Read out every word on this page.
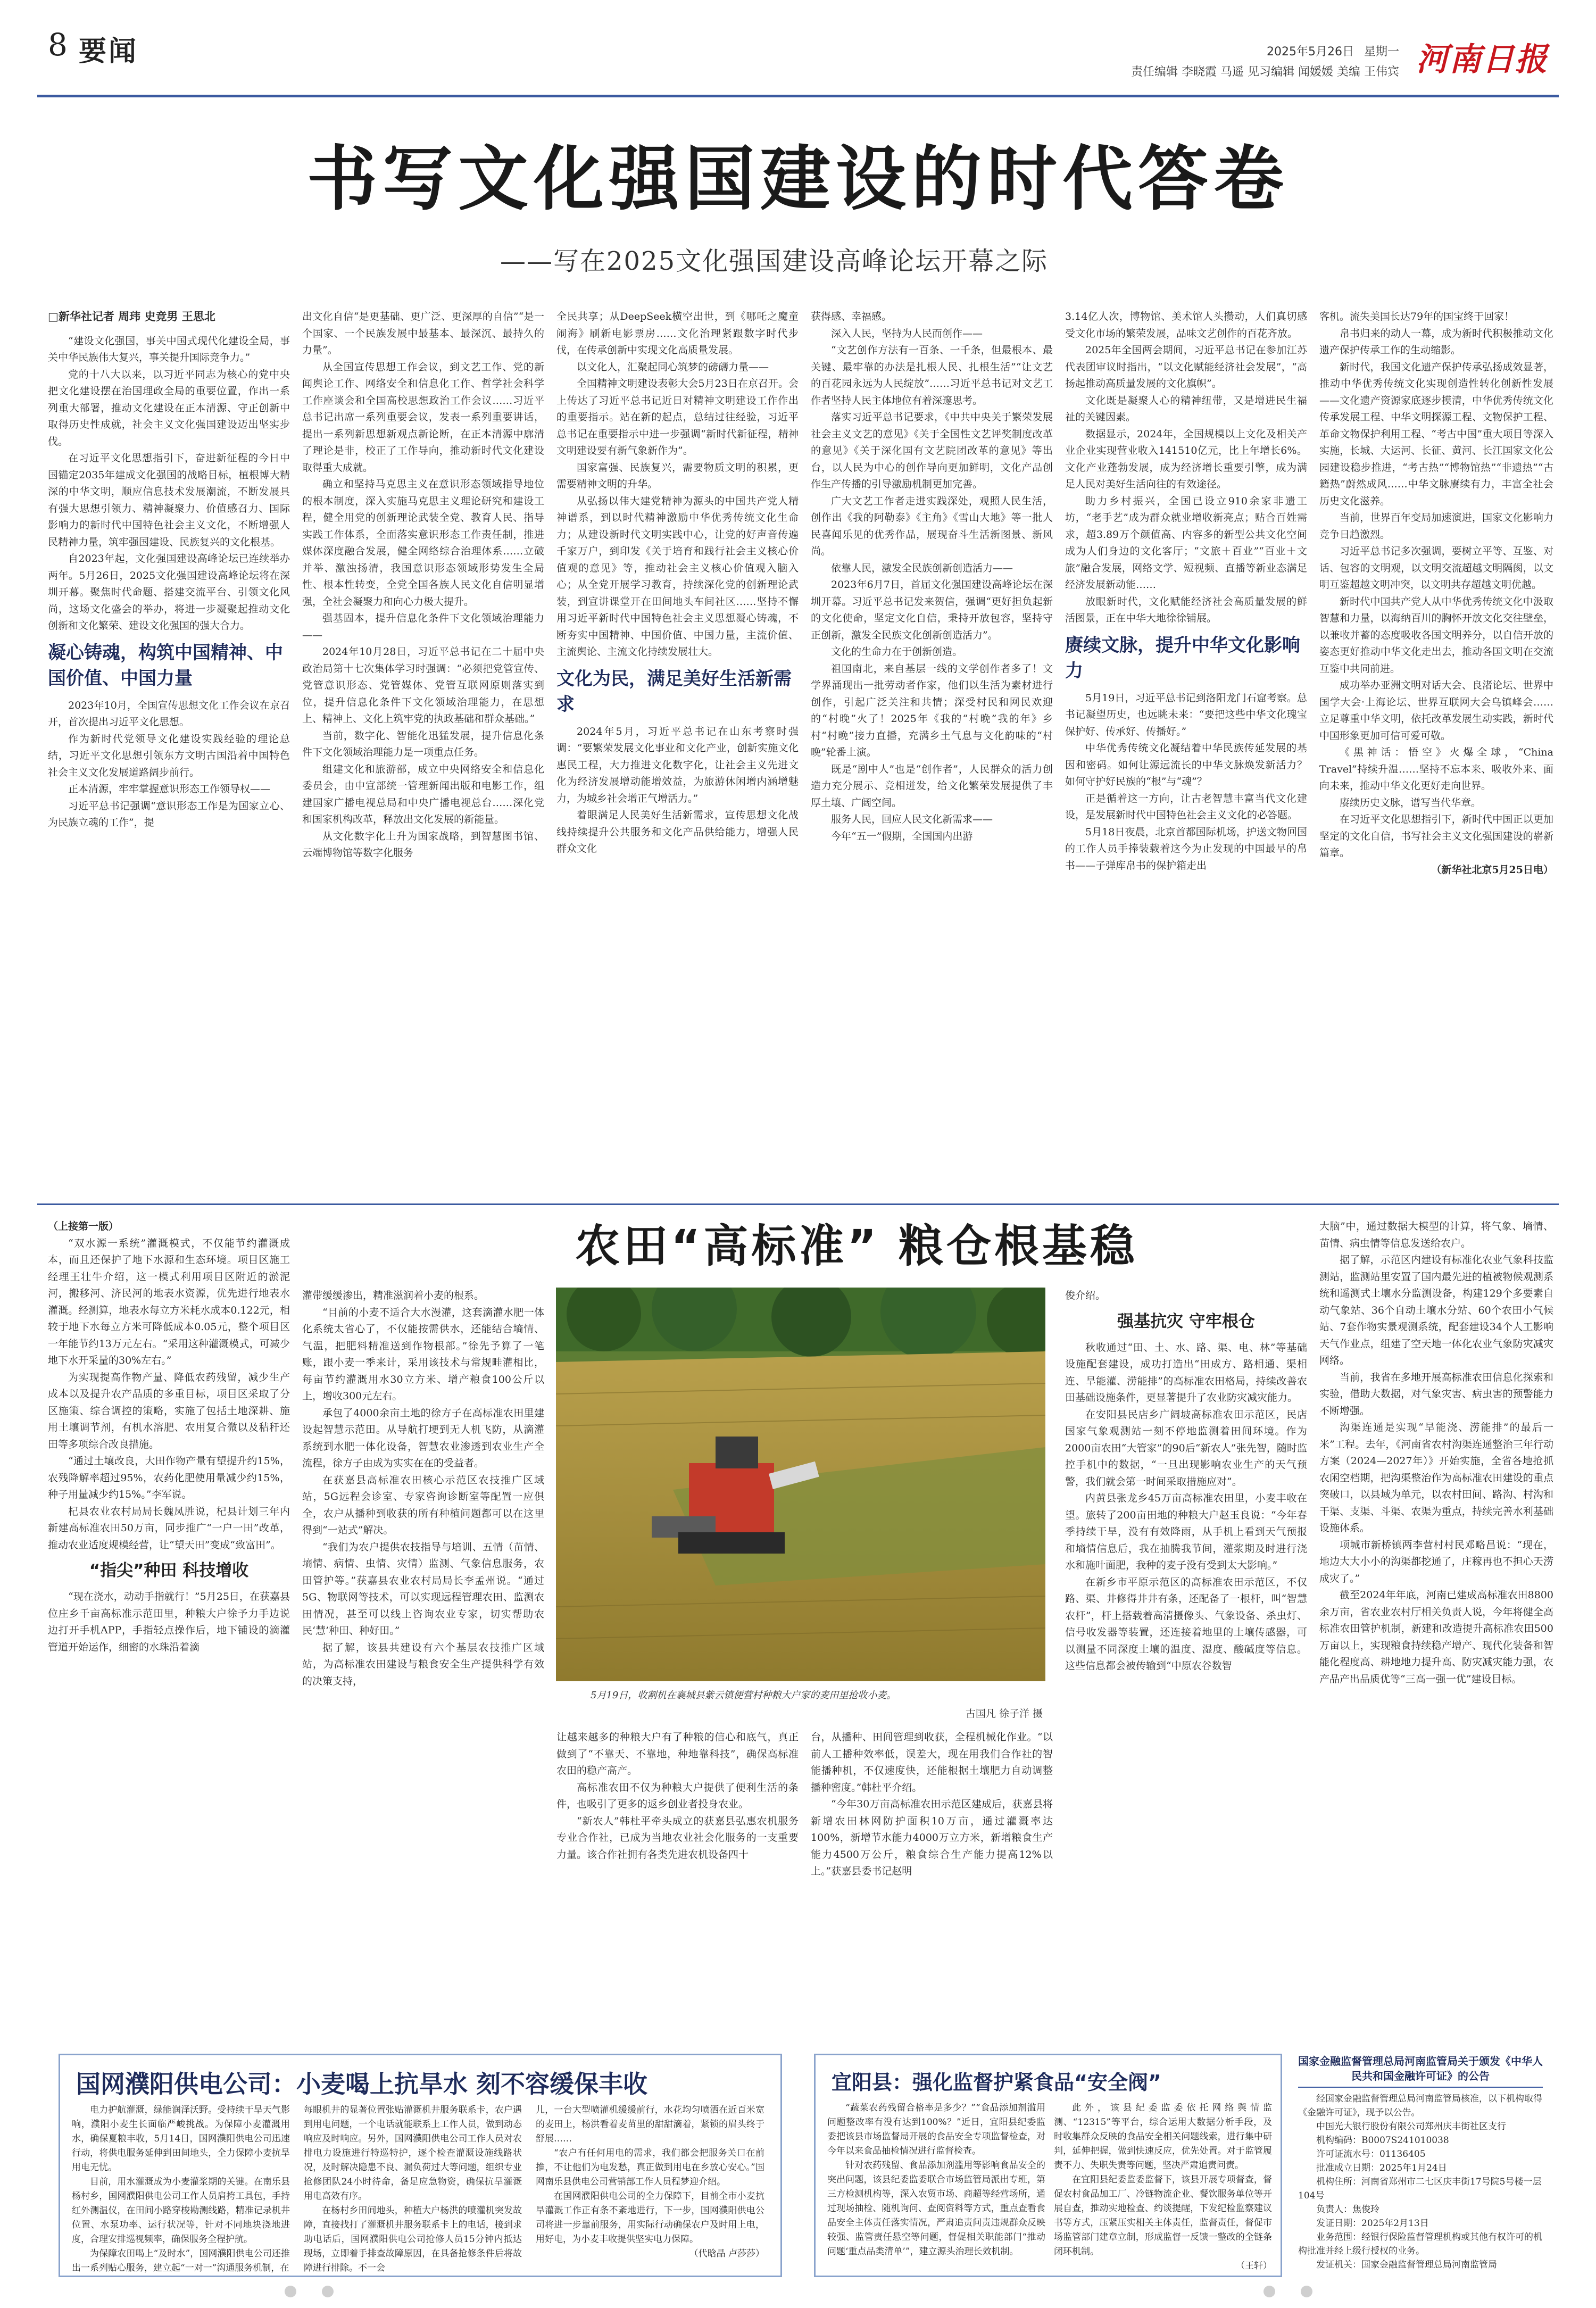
8 要闻	2025年5月26日 星期一
责任编辑 李晓霞 马遥 见习编辑 闻媛媛 美编 王伟宾 河南日报
书写文化强国建设的时代答卷
——写在2025文化强国建设高峰论坛开幕之际
□新华社记者 周玮 史竞男 王思北

“建设文化强国，事关中国式现代化建设全局，事关中华民族伟大复兴，事关提升国际竞争力。”

党的十八大以来，以习近平同志为核心的党中央把文化建设摆在治国理政全局的重要位置，作出一系列重大部署，推动文化建设在正本清源、守正创新中取得历史性成就，社会主义文化强国建设迈出坚实步伐。

在习近平文化思想指引下，奋进新征程的今日中国锚定2035年建成文化强国的战略目标，植根博大精深的中华文明，顺应信息技术发展潮流，不断发展具有强大思想引领力、精神凝聚力、价值感召力、国际影响力的新时代中国特色社会主义文化，不断增强人民精神力量，筑牢强国建设、民族复兴的文化根基。

自2023年起，文化强国建设高峰论坛已连续举办两年。5月26日，2025文化强国建设高峰论坛将在深圳开幕。聚焦时代命题、搭建交流平台、引领文化风尚，这场文化盛会的举办，将进一步凝聚起推动文化创新和文化繁荣、建设文化强国的强大合力。

凝心铸魂，构筑中国精神、中国价值、中国力量

2023年10月，全国宣传思想文化工作会议在京召开，首次提出习近平文化思想。

作为新时代党领导文化建设实践经验的理论总结，习近平文化思想引领东方文明古国沿着中国特色社会主义文化发展道路阔步前行。

正本清源，牢牢掌握意识形态工作领导权——

习近平总书记强调“意识形态工作是为国家立心、为民族立魂的工作”，提

出文化自信“是更基础、更广泛、更深厚的自信”“是一个国家、一个民族发展中最基本、最深沉、最持久的力量”。

从全国宣传思想工作会议，到文艺工作、党的新闻舆论工作、网络安全和信息化工作、哲学社会科学工作座谈会和全国高校思想政治工作会议……习近平总书记出席一系列重要会议，发表一系列重要讲话，提出一系列新思想新观点新论断，在正本清源中廓清了理论是非，校正了工作导向，推动新时代文化建设取得重大成就。

确立和坚持马克思主义在意识形态领域指导地位的根本制度，深入实施马克思主义理论研究和建设工程，健全用党的创新理论武装全党、教育人民、指导实践工作体系，全面落实意识形态工作责任制，推进媒体深度融合发展，健全网络综合治理体系……立破并举、激浊扬清，我国意识形态领域形势发生全局性、根本性转变，全党全国各族人民文化自信明显增强，全社会凝聚力和向心力极大提升。

强基固本，提升信息化条件下文化领域治理能力——

2024年10月28日，习近平总书记在二十届中央政治局第十七次集体学习时强调：“必须把党管宣传、党管意识形态、党管媒体、党管互联网原则落实到位，提升信息化条件下文化领域治理能力，在思想上、精神上、文化上筑牢党的执政基础和群众基础。”

当前，数字化、智能化迅猛发展，提升信息化条件下文化领域治理能力是一项重点任务。

组建文化和旅游部，成立中央网络安全和信息化委员会，由中宣部统一管理新闻出版和电影工作，组建国家广播电视总局和中央广播电视总台……深化党和国家机构改革，释放出文化发展的新能量。

从文化数字化上升为国家战略，到智慧图书馆、云端博物馆等数字化服务

全民共享；从DeepSeek横空出世，到《哪吒之魔童闹海》刷新电影票房……文化治理紧跟数字时代步伐，在传承创新中实现文化高质量发展。

以文化人，汇聚起同心筑梦的磅礴力量——

全国精神文明建设表彰大会5月23日在京召开。会上传达了习近平总书记近日对精神文明建设工作作出的重要指示。站在新的起点，总结过往经验，习近平总书记在重要指示中进一步强调“新时代新征程，精神文明建设要有新气象新作为”。

国家富强、民族复兴，需要物质文明的积累，更需要精神文明的升华。

从弘扬以伟大建党精神为源头的中国共产党人精神谱系，到以时代精神激励中华优秀传统文化生命力；从建设新时代文明实践中心，让党的好声音传遍千家万户，到印发《关于培育和践行社会主义核心价值观的意见》等，推动社会主义核心价值观入脑入心；从全党开展学习教育，持续深化党的创新理论武装，到宣讲课堂开在田间地头车间社区……坚持不懈用习近平新时代中国特色社会主义思想凝心铸魂，不断夯实中国精神、中国价值、中国力量，主流价值、主流舆论、主流文化持续发展壮大。

文化为民，满足美好生活新需求

2024年5月，习近平总书记在山东考察时强调：“要繁荣发展文化事业和文化产业，创新实施文化惠民工程，大力推进文化数字化，让社会主义先进文化为经济发展增动能增效益，为旅游休闲增内涵增魅力，为城乡社会增正气增活力。”

着眼满足人民美好生活新需求，宣传思想文化战线持续提升公共服务和文化产品供给能力，增强人民群众文化

获得感、幸福感。

深入人民，坚持为人民而创作——

“文艺创作方法有一百条、一千条，但最根本、最关键、最牢靠的办法是扎根人民、扎根生活”“让文艺的百花园永远为人民绽放”……习近平总书记对文艺工作者坚持人民主体地位有着深邃思考。

落实习近平总书记要求，《中共中央关于繁荣发展社会主义文艺的意见》《关于全国性文艺评奖制度改革的意见》《关于深化国有文艺院团改革的意见》等出台，以人民为中心的创作导向更加鲜明，文化产品创作生产传播的引导激励机制更加完善。

广大文艺工作者走进实践深处，观照人民生活，创作出《我的阿勒泰》《主角》《雪山大地》等一批人民喜闻乐见的优秀作品，展现奋斗生活新图景、新风尚。

依靠人民，激发全民族创新创造活力——

2023年6月7日，首届文化强国建设高峰论坛在深圳开幕。习近平总书记发来贺信，强调“更好担负起新的文化使命，坚定文化自信，秉持开放包容，坚持守正创新，激发全民族文化创新创造活力”。

文化的生命力在于创新创造。

祖国南北，来自基层一线的文学创作者多了！文学界涌现出一批劳动者作家，他们以生活为素材进行创作，引起广泛关注和共情；深受村民和网民欢迎的“村晚”火了！2025年《我的“村晚”我的年》乡村“村晚”接力直播，充满乡土气息与文化韵味的“村晚”轮番上演。

既是“剧中人”也是“创作者”，人民群众的活力创造力充分展示、竞相迸发，给文化繁荣发展提供了丰厚土壤、广阔空间。

服务人民，回应人民文化新需求——

今年“五一”假期，全国国内出游

3.14亿人次，博物馆、美术馆人头攒动，人们真切感受文化市场的繁荣发展，品味文艺创作的百花齐放。

2025年全国两会期间，习近平总书记在参加江苏代表团审议时指出，“以文化赋能经济社会发展”，“高扬起推动高质量发展的文化旗帜”。

文化既是凝聚人心的精神纽带，又是增进民生福祉的关键因素。

数据显示，2024年，全国规模以上文化及相关产业企业实现营业收入141510亿元，比上年增长6%。文化产业蓬勃发展，成为经济增长重要引擎，成为满足人民对美好生活向往的有效途径。

助力乡村振兴，全国已设立910余家非遗工坊，“老手艺”成为群众就业增收新亮点；贴合百姓需求，超3.89万个颜值高、内容多的新型公共文化空间成为人们身边的文化客厅；“文旅＋百业”“百业＋文旅”融合发展，网络文学、短视频、直播等新业态满足经济发展新动能……

放眼新时代，文化赋能经济社会高质量发展的鲜活图景，正在中华大地徐徐铺展。

赓续文脉，提升中华文化影响力

5月19日，习近平总书记到洛阳龙门石窟考察。总书记凝望历史，也远眺未来：“要把这些中华文化瑰宝保护好、传承好、传播好。”

中华优秀传统文化凝结着中华民族传延发展的基因和密码。如何让源远流长的中华文脉焕发新活力？如何守护好民族的“根”与“魂”？

正是循着这一方向，让古老智慧丰富当代文化建设，是发展新时代中国特色社会主义文化的必答题。

5月18日夜晨，北京首都国际机场，护送文物回国的工作人员手捧装载着这今为止发现的中国最早的帛书——子弹库帛书的保护箱走出

客机。流失美国长达79年的国宝终于回家！

帛书归来的动人一幕，成为新时代积极推动文化遗产保护传承工作的生动缩影。

新时代，我国文化遗产保护传承弘扬成效显著，推动中华优秀传统文化实现创造性转化创新性发展——文化遗产资源家底逐步摸清，中华优秀传统文化传承发展工程、中华文明探源工程、文物保护工程、革命文物保护利用工程、“考古中国”重大项目等深入实施，长城、大运河、长征、黄河、长江国家文化公园建设稳步推进，“考古热”“博物馆热”“非遗热”“古籍热”蔚然成风……中华文脉赓续有力，丰富全社会历史文化滋养。

当前，世界百年变局加速演进，国家文化影响力竞争日趋激烈。

习近平总书记多次强调，要树立平等、互鉴、对话、包容的文明观，以文明交流超越文明隔阂，以文明互鉴超越文明冲突，以文明共存超越文明优越。

新时代中国共产党人从中华优秀传统文化中汲取智慧和力量，以海纳百川的胸怀开放文化交往壁垒，以兼收并蓄的态度吸收各国文明养分，以自信开放的姿态更好推动中华文化走出去，推动各国文明在交流互鉴中共同前进。

成功举办亚洲文明对话大会、良渚论坛、世界中国学大会·上海论坛、世界互联网大会乌镇峰会……立足尊重中华文明，依托改革发展生动实践，新时代中国形象更加可信可爱可敬。

《黑神话：悟空》火爆全球，“China Travel”持续升温……坚持不忘本来、吸收外来、面向未来，推动中华文化更好走向世界。

赓续历史文脉，谱写当代华章。

在习近平文化思想指引下，新时代中国正以更加坚定的文化自信，书写社会主义文化强国建设的崭新篇章。

（新华社北京5月25日电）
农田“高标准” 粮仓根基稳
（上接第一版）

“双水源一系统”灌溉模式，不仅能节约灌溉成本，而且还保护了地下水源和生态环境。项目区施工经理王壮牛介绍，这一模式利用项目区附近的淤泥河，搬移河、济民河的地表水资源，优先进行地表水灌溉。经测算，地表水每立方米耗水成本0.122元，相较于地下水每立方米可降低成本0.05元，整个项目区一年能节约13万元左右。“采用这种灌溉模式，可减少地下水开采量的30%左右。”

为实现提高作物产量、降低农药残留，减少生产成本以及提升农产品质的多重目标，项目区采取了分区施策、综合调控的策略，实施了包括土地深耕、施用土壤调节剂，有机水溶肥、农用复合微以及秸秆还田等多项综合改良措施。

“通过土壤改良，大田作物产量有望提升约15%，农残降解率超过95%，农药化肥使用量减少约15%，种子用量减少约15%。”李军说。

杞县农业农村局局长魏凤胜说，杞县计划三年内新建高标准农田50万亩，同步推广“一户一田”改革，推动农业适度规模经营，让“望天田”变成“致富田”。

“指尖”种田 科技增收

“现在浇水，动动手指就行！”5月25日，在获嘉县位庄乡千亩高标准示范田里，种粮大户徐予力手边说边打开手机APP，手指轻点操作后，地下铺设的滴灌管道开始运作，细密的水珠沿着滴

5月19日，收割机在襄城县紫云镇便营村种粮大户家的麦田里抢收小麦。
古国凡 徐子洋 摄

灌带缓缓渗出，精准滋润着小麦的根系。

“目前的小麦不适合大水漫灌，这套滴灌水肥一体化系统太省心了，不仅能按需供水，还能结合墒情、气温，把肥料精准送到作物根部。”徐先予算了一笔账，跟小麦一季来计，采用该技术与常规畦灌相比，每亩节约灌溉用水30立方米、增产粮食100公斤以上，增收300元左右。

承包了4000余亩土地的徐方子在高标准农田里建设起智慧示范田。从导航打埂到无人机飞防，从滴灌系统到水肥一体化设备，智慧农业渗透到农业生产全流程，徐方子由成为实实在在的受益者。

在获嘉县高标准农田核心示范区农技推广区域站，5G远程会诊室、专家咨询诊断室等配置一应俱全，农户从播种到收获的所有种植问题都可以在这里得到“一站式”解决。

“我们为农户提供农技指导与培训、五情（苗情、墒情、病情、虫情、灾情）监测、气象信息服务，农田管护等。”获嘉县农业农村局局长李孟州说。“通过5G、物联网等技术，可以实现远程管理农田、监测农田情况，甚至可以线上咨询农业专家，切实帮助农民‘慧’种田、种好田。”

据了解，该县共建设有六个基层农技推广区域站，为高标准农田建设与粮食安全生产提供科学有效的决策支持，

让越来越多的种粮大户有了种粮的信心和底气，真正做到了“不靠天、不靠地，种地靠科技”，确保高标准农田的稳产高产。

高标准农田不仅为种粮大户提供了便利生活的条件，也吸引了更多的返乡创业者投身农业。

“新农人”韩杜平牵头成立的获嘉县弘惠农机服务专业合作社，已成为当地农业社会化服务的一支重要力量。该合作社拥有各类先进农机设备四十

台，从播种、田间管理到收获，全程机械化作业。“以前人工播种效率低，误差大，现在用我们合作社的智能播种机，不仅速度快，还能根据土壤肥力自动调整播种密度。”韩杜平介绍。

“今年30万亩高标准农田示范区建成后，获嘉县将新增农田林网防护面积10万亩，通过灌溉率达100%，新增节水能力4000万立方米，新增粮食生产能力4500万公斤，粮食综合生产能力提高12%以上。”获嘉县委书记赵明

俊介绍。

强基抗灾 守牢根仓

秋收通过“田、土、水、路、渠、电、林”等基础设施配套建设，成功打造出“田成方、路相通、渠相连、旱能灌、涝能排”的高标准农田格局，持续改善农田基础设施条件，更显著提升了农业防灾减灾能力。

在安阳县民店乡广阔坡高标准农田示范区，民店国家气象观测站一刻不停地监测着田间环境。作为2000亩农田“大管家”的90后“新农人”张先智，随时监控手机中的数据，“一旦出现影响农业生产的天气预警，我们就会第一时间采取措施应对”。

内黄县张龙乡45万亩高标准农田里，小麦丰收在望。旅转了200亩田地的种粮大户赵玉良说：“今年春季持续干旱，没有有效降雨，从手机上看到天气预报和墒情信息后，我在抽腾我节间，灌浆期及时进行浇水和施叶面肥，我种的麦子没有受到太大影响。”

在新乡市平原示范区的高标准农田示范区，不仅路、渠、井修得井井有条，还配备了一根杆，叫“智慧农杆”，杆上搭载着高清摄像头、气象设备、杀虫灯、信号收发器等装置，还连接着地里的土壤传感器，可以测量不同深度土壤的温度、湿度、酸碱度等信息。这些信息都会被传输到“中原农谷数智

大脑”中，通过数据大模型的计算，将气象、墒情、苗情、病虫情等信息发送给农户。

据了解，示范区内建设有标准化农业气象科技监测站，监测站里安置了国内最先进的植被物候观测系统和遥测式土壤水分监测设备，构建129个多要素自动气象站、36个自动土壤水分站、60个农田小气候站、7套作物实景观测系统，配套建设34个人工影响天气作业点，组建了空天地一体化农业气象防灾减灾网络。

当前，我省在多地开展高标准农田信息化探索和实验，借助大数据，对气象灾害、病虫害的预警能力不断增强。

沟渠连通是实现“旱能浇、涝能排”的最后一米”工程。去年，《河南省农村沟渠连通整治三年行动方案（2024—2027年）》开始实施，全省各地抢抓农闲空档期，把沟渠整治作为高标准农田建设的重点突破口，以县域为单元，以农村田间、路沟、村沟和干渠、支渠、斗渠、农渠为重点，持续完善水利基础设施体系。

项城市新桥镇两李营村村民邓略昌说：“现在，地边大大小小的沟渠都挖通了，庄稼再也不担心天涝成灾了。”

截至2024年年底，河南已建成高标准农田8800余万亩，省农业农村厅相关负责人说，今年将健全高标准农田管护机制，新建和改造提升高标准农田500万亩以上，实现粮食持续稳产增产、现代化装备和智能化程度高、耕地地力提升高、防灾减灾能力强，农产品产出品质优等“三高一强一优”建设目标。

国网濮阳供电公司：小麦喝上抗旱水 刻不容缓保丰收

电力护航灌溉，绿能润泽沃野。受持续干旱天气影响，濮阳小麦生长面临严峻挑战。为保障小麦灌溉用水，确保夏粮丰收，5月14日，国网濮阳供电公司迅速行动，将供电服务延伸到田间地头，全力保障小麦抗旱用电无忧。

目前，用水灌溉成为小麦灌浆期的关键。在南乐县杨村乡，国网濮阳供电公司工作人员肩挎工具包，手持红外测温仪，在田间小路穿梭勘测线路，精准记录机井位置、水泵功率、运行状况等，针对不同地块浇地进度，合理安排巡视频率，确保服务全程护航。

为保障农田喝上“及时水”，国网濮阳供电公司还推出一系列贴心服务，建立起“一对一”沟通服务机制，在

每眼机井的显著位置张贴灌溉机井服务联系卡，农户遇到用电问题，一个电话就能联系上工作人员，做到动态响应及时响应。另外，国网濮阳供电公司工作人员对农排电力设施进行特巡特护，逐个检查灌溉设施线路状况，及时解决隐患不良、漏负荷过大等问题，组织专业抢修团队24小时待命，备足应急物资，确保抗旱灌溉用电高效有序。

在杨村乡田间地头，种植大户杨洪的喷灌机突发故障，直接找打了灌溉机井服务联系卡上的电话，接到求助电话后，国网濮阳供电公司抢修人员15分钟内抵达现场，立即着手排查故障原因，在具备抢修条件后将故障进行排除。不一会

儿，一台大型喷灌机缓缓前行，水花均匀喷洒在近百米宽的麦田上，杨洪看着麦苗里的甜甜滴着，紧锁的眉头终于舒展……

“农户有任何用电的需求，我们都会把服务关口在前推，不让他们为电发愁，真正做到用电在乡放心安心。”国网南乐县供电公司营销部工作人员程梦迎介绍。

在国网濮阳供电公司的全力保障下，目前全市小麦抗旱灌溉工作正有条不紊地进行，下一步，国网濮阳供电公司将进一步靠前服务，用实际行动确保农户及时用上电，用好电，为小麦丰收提供坚实电力保障。

（代晗晶 卢莎莎）
宜阳县：强化监督护紧食品“安全阀”

“蔬菜农药残留合格率是多少？”“食品添加剂滥用问题整改率有没有达到100%？”近日，宜阳县纪委监委把该县市场监督局开展的食品安全专项监督检查，对今年以来食品抽检情况进行监督检查。

针对农药残留、食品添加剂滥用等影响食品安全的突出问题，该县纪委监委联合市场监管局派出专班，第三方检测机构等，深入农贸市场、商超等经营场所，通过现场抽检、随机询问、查阅资料等方式，重点查看食品安全主体责任落实情况，严肃追责问责违规群众反映较强、监管责任悬空等问题，督促相关职能部门“推动问题‘重点品类清单’”，建立源头治理长效机制。

此外，该县纪委监委依托网络舆情监测、“12315”等平台，综合运用大数据分析手段，及时收集群众反映的食品安全相关问题线索，进行集中研判，延伸把握，做到快速反应，优先处置。对于监管履责不力、失职失责等问题，坚决严肃追责问责。

在宜阳县纪委监委监督下，该县开展专项督查，督促农村食品加工厂、冷链物流企业、餐饮服务单位等开展自查，推动实地检查、约谈提醒，下发纪检监察建议书等方式，压紧压实相关主体责任，监督责任，督促市场监管部门建章立制，形成监督一反馈一整改的全链条闭环机制。

（王轩）
国家金融监督管理总局河南监管局关于颁发《中华人民共和国金融许可证》的公告
经国家金融监督管理总局河南监管局核准，以下机构取得《金融许可证》，现予以公告。
中国光大银行股份有限公司郑州庆丰街社区支行
机构编码：B0007S241010038
许可证流水号：01136405
批准成立日期：2025年1月24日
机构住所：河南省郑州市二七区庆丰街17号院5号楼一层104号
负责人：焦俊玲
发证日期：2025年2月13日
业务范围：经银行保险监督管理机构或其他有权许可的机构批准并经上级行授权的业务。
发证机关：国家金融监督管理总局河南监管局
